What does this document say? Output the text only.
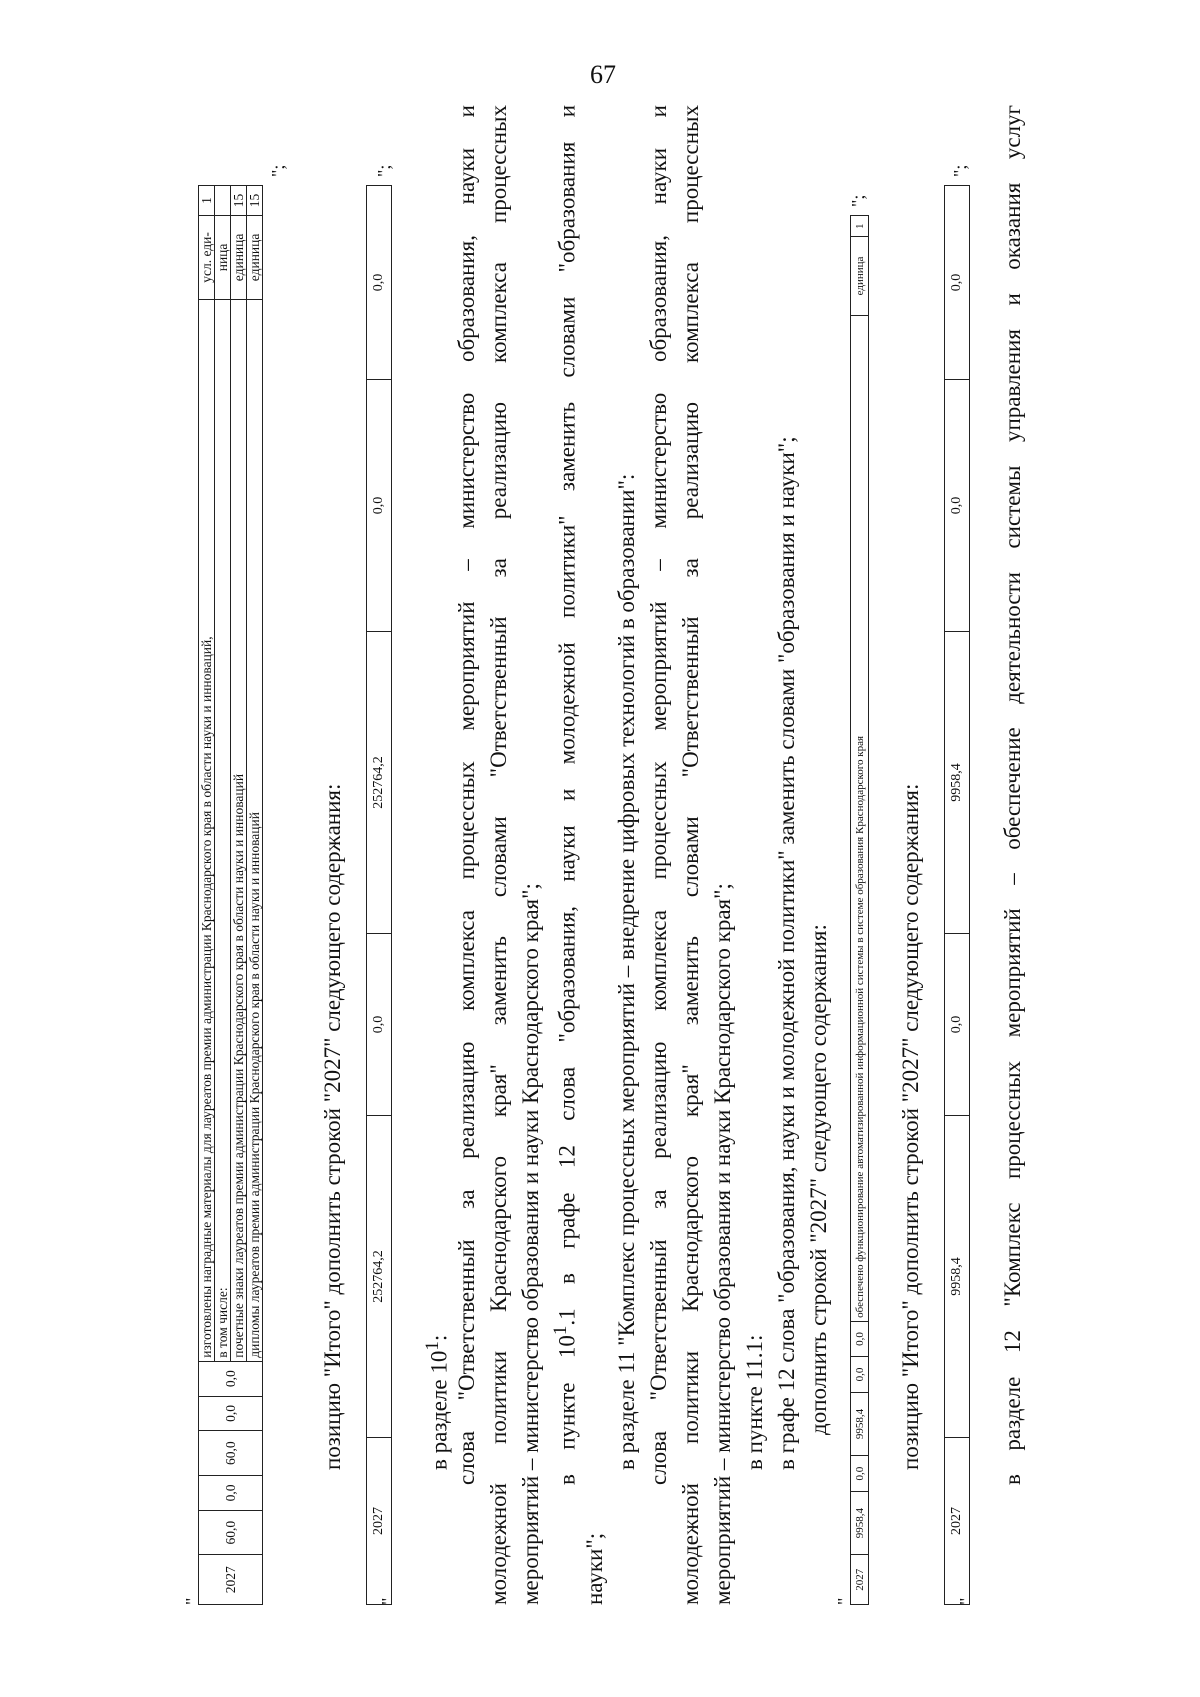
67
"
2027	60,0	0,0	60,0	0,0	0,0	изготовлены наградные материалы для лауреатов премии администрации Краснодарского края в области науки и инноваций,	усл. еди-	1
						в том числе:	ница	
						почетные знаки лауреатов премии администрации Краснодарского края в области науки и инноваций	единица	15
						дипломы лауреатов премии администрации Краснодарского края в области науки и инноваций	единица	15
";
позицию "Итого" дополнить строкой "2027" следующего содержания:
"
2027	252764,2	0,0	252764,2	0,0	0,0
";
в разделе $10^1$: слова "Ответственный за реализацию комплекса процессных мероприятий – министерство образования, науки и молодежной политики Краснодарского края" заменить словами "Ответственный за реализацию комплекса процессных мероприятий – министерство образования и науки Краснодарского края"; в пункте $10^1.1$ в графе 12 слова "образования, науки и молодежной политики" заменить словами "образования и
науки";
в разделе 11 "Комплекс процессных мероприятий – внедрение цифровых технологий в образовании": слова "Ответственный за реализацию комплекса процессных мероприятий – министерство образования, науки и молодежной политики Краснодарского края" заменить словами "Ответственный за реализацию комплекса процессных мероприятий – министерство образования и науки Краснодарского края"; в пункте 11.1: в графе 12 слова "образования, науки и молодежной политики" заменить словами "образования и науки"; дополнить строкой "2027" следующего содержания:
"
2027	9958,4	0,0	9958,4	0,0	0,0	обеспечено функционирование автоматизированной информационной системы в системе образования Краснодарского края	единица	1
";
позицию "Итого" дополнить строкой "2027" следующего содержания:
"
2027	9958,4	0,0	9958,4	0,0	0,0
"; в разделе 12 "Комплекс процессных мероприятий – обеспечение деятельности системы управления и оказания услуг
